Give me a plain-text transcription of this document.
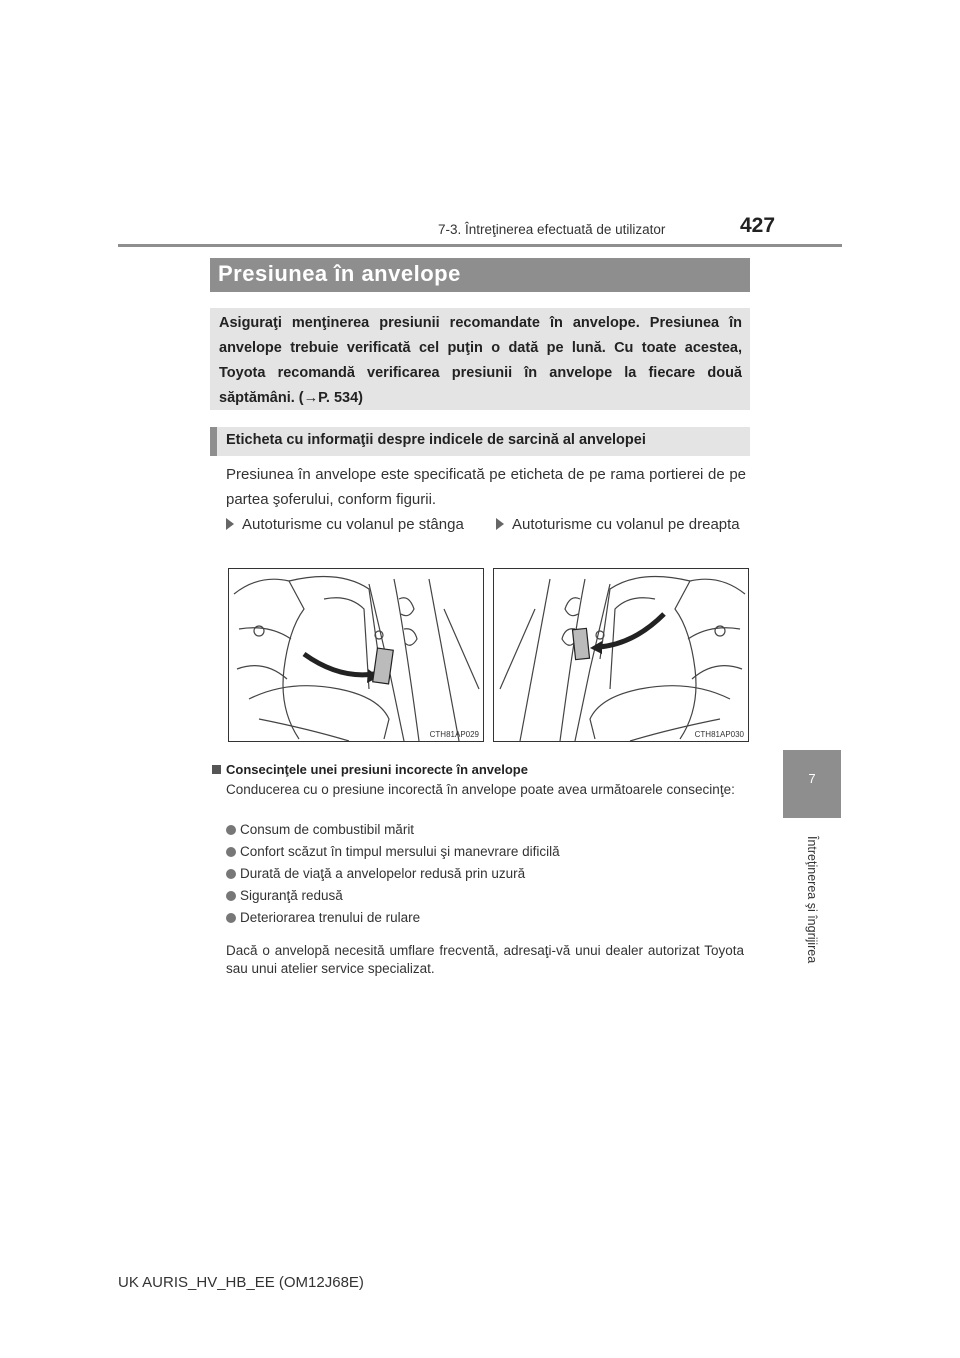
7-3. Întreţinerea efectuată de utilizator	427
7
Întreţinerea şi îngrijirea
Presiunea în anvelope
Asiguraţi menţinerea presiunii recomandate în anvelope. Presiunea în anvelope trebuie verificată cel puţin o dată pe lună. Cu toate acestea, Toyota recomandă verificarea presiunii în anvelope la fiecare două săptămâni. (→P. 534)
Eticheta cu informaţii despre indicele de sarcină al anvelopei
Presiunea în anvelope este specificată pe eticheta de pe rama portierei de pe partea şoferului, conform figurii.
Autoturisme cu volanul pe stânga	Autoturisme cu volanul pe dreapta
CTH81AP029	CTH81AP030
Consecinţele unei presiuni incorecte în anvelope
Conducerea cu o presiune incorectă în anvelope poate avea următoarele consecinţe:
Consum de combustibil mărit
Confort scăzut în timpul mersului şi manevrare dificilă
Durată de viaţă a anvelopelor redusă prin uzură
Siguranţă redusă
Deteriorarea trenului de rulare
Dacă o anvelopă necesită umflare frecventă, adresaţi-vă unui dealer autorizat Toyota sau unui atelier service specializat.
UK AURIS_HV_HB_EE (OM12J68E)
